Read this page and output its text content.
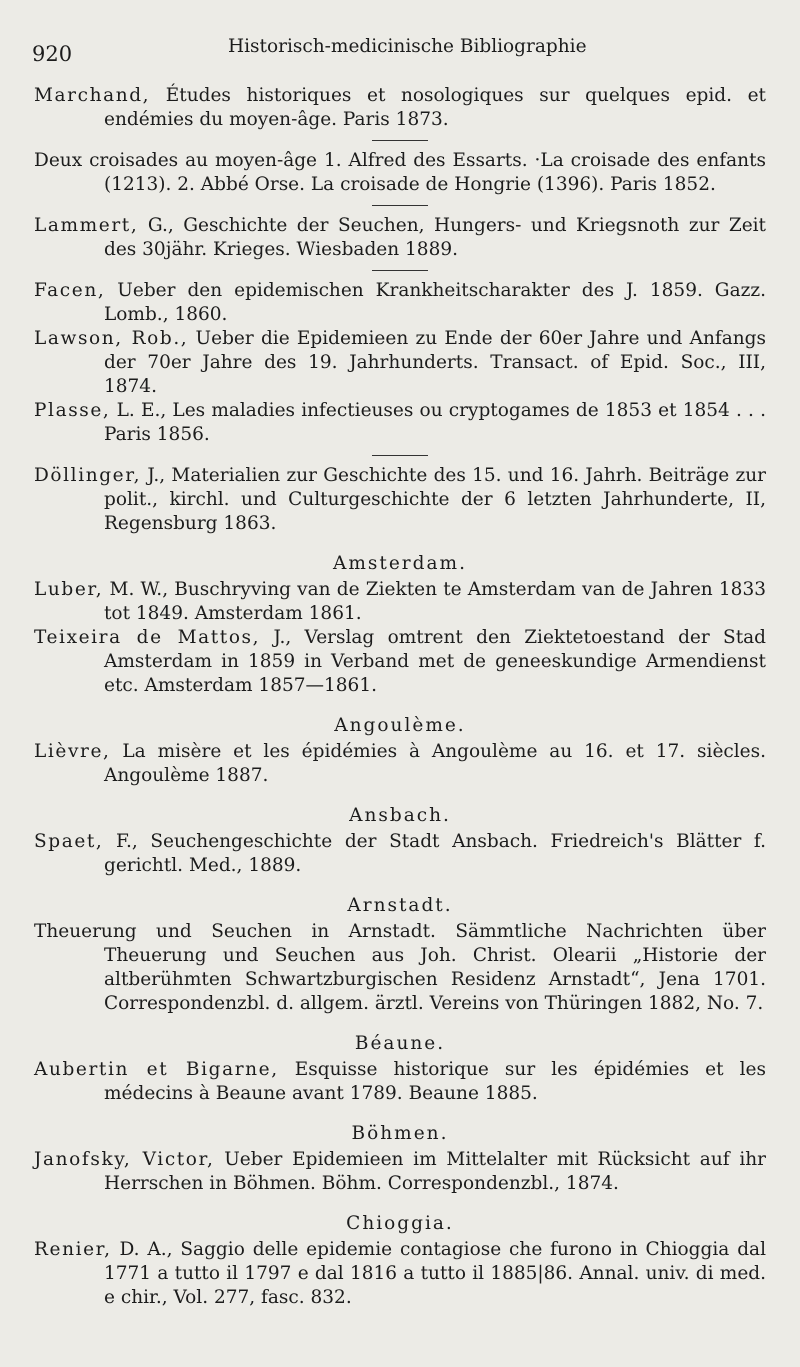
920	Historisch-medicinische Bibliographie

Marchand, Études historiques et nosologiques sur quelques epid. et endémies du moyen-âge. Paris 1873.

Deux croisades au moyen-âge 1. Alfred des Essarts. ·La croisade des enfants (1213). 2. Abbé Orse. La croisade de Hongrie (1396). Paris 1852.

Lammert, G., Geschichte der Seuchen, Hungers- und Kriegsnoth zur Zeit des 30jähr. Krieges. Wiesbaden 1889.

Facen, Ueber den epidemischen Krankheitscharakter des J. 1859. Gazz. Lomb., 1860.

Lawson, Rob., Ueber die Epidemieen zu Ende der 60er Jahre und Anfangs der 70er Jahre des 19. Jahrhunderts. Transact. of Epid. Soc., III, 1874.

Plasse, L. E., Les maladies infectieuses ou cryptogames de 1853 et 1854 . . . Paris 1856.

Döllinger, J., Materialien zur Geschichte des 15. und 16. Jahrh. Beiträge zur polit., kirchl. und Culturgeschichte der 6 letzten Jahrhunderte, II, Regensburg 1863.

Amsterdam.

Luber, M. W., Buschryving van de Ziekten te Amsterdam van de Jahren 1833 tot 1849. Amsterdam 1861.

Teixeira de Mattos, J., Verslag omtrent den Ziektetoestand der Stad Amsterdam in 1859 in Verband met de geneeskundige Armendienst etc. Amsterdam 1857—1861.

Angoulème.

Lièvre, La misère et les épidémies à Angoulème au 16. et 17. siècles. Angoulème 1887.

Ansbach.

Spaet, F., Seuchengeschichte der Stadt Ansbach. Friedreich's Blätter f. gerichtl. Med., 1889.

Arnstadt.

Theuerung und Seuchen in Arnstadt. Sämmtliche Nachrichten über Theuerung und Seuchen aus Joh. Christ. Olearii „Historie der altberühmten Schwartzburgischen Residenz Arnstadt“, Jena 1701. Correspondenzbl. d. allgem. ärztl. Vereins von Thüringen 1882, No. 7.

Béaune.

Aubertin et Bigarne, Esquisse historique sur les épidémies et les médecins à Beaune avant 1789. Beaune 1885.

Böhmen.

Janofsky, Victor, Ueber Epidemieen im Mittelalter mit Rücksicht auf ihr Herrschen in Böhmen. Böhm. Correspondenzbl., 1874.

Chioggia.

Renier, D. A., Saggio delle epidemie contagiose che furono in Chioggia dal 1771 a tutto il 1797 e dal 1816 a tutto il 1885|86. Annal. univ. di med. e chir., Vol. 277, fasc. 832.
